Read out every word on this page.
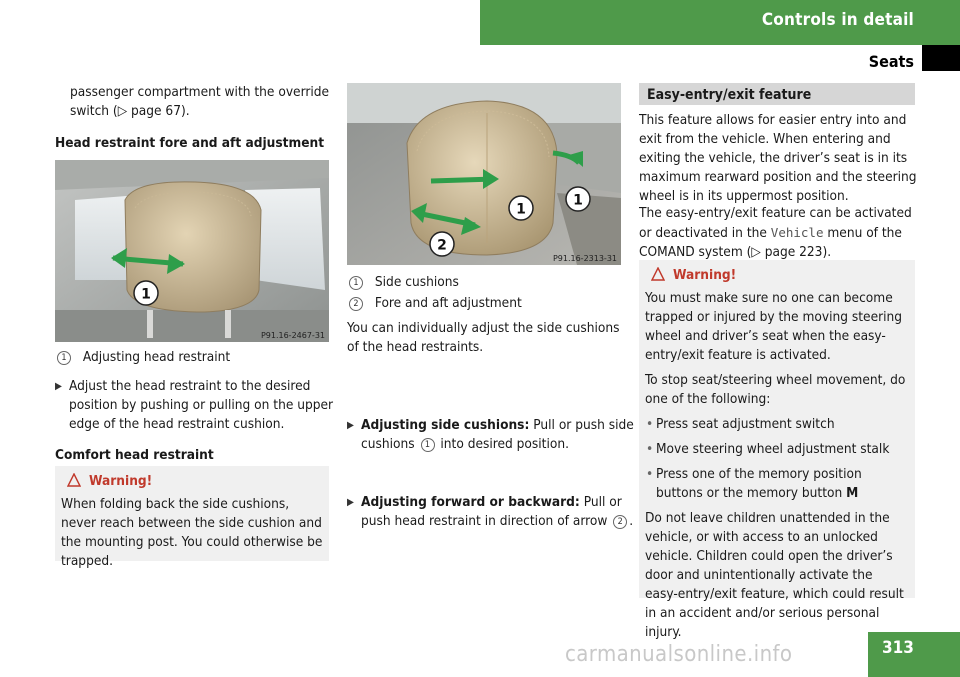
Controls in detail
Seats

passenger compartment with the override switch (▷ page 67).

Head restraint fore and aft adjustment
1
P91.16-2467-31
1 Adjusting head restraint
▶ Adjust the head restraint to the desired position by pushing or pulling on the upper edge of the head restraint cushion.
Comfort head restraint
Warning!

When folding back the side cushions, never reach between the side cushion and the mounting post. You could otherwise be trapped.

1
1
2
P91.16-2313-31
1 Side cushions
2 Fore and aft adjustment
You can individually adjust the side cushions of the head restraints.
▶ Adjusting side cushions: Pull or push side cushions 1 into desired position.
▶ Adjusting forward or backward: Pull or push head restraint in direction of arrow 2 .
Easy-entry/exit feature
This feature allows for easier entry into and exit from the vehicle. When entering and exiting the vehicle, the driver’s seat is in its maximum rearward position and the steering wheel is in its uppermost position.
The easy-entry/exit feature can be activated or deactivated in the Vehicle menu of the COMAND system (▷ page 223).
Warning!

You must make sure no one can become trapped or injured by the moving steering wheel and driver’s seat when the easy-entry/exit feature is activated.

To stop seat/steering wheel movement, do one of the following:

• Press seat adjustment switch
• Move steering wheel adjustment stalk
• Press one of the memory position buttons or the memory button M

Do not leave children unattended in the vehicle, or with access to an unlocked vehicle. Children could open the driver’s door and unintentionally activate the easy-entry/exit feature, which could result in an accident and/or serious personal injury.

carmanualsonline.info	313
